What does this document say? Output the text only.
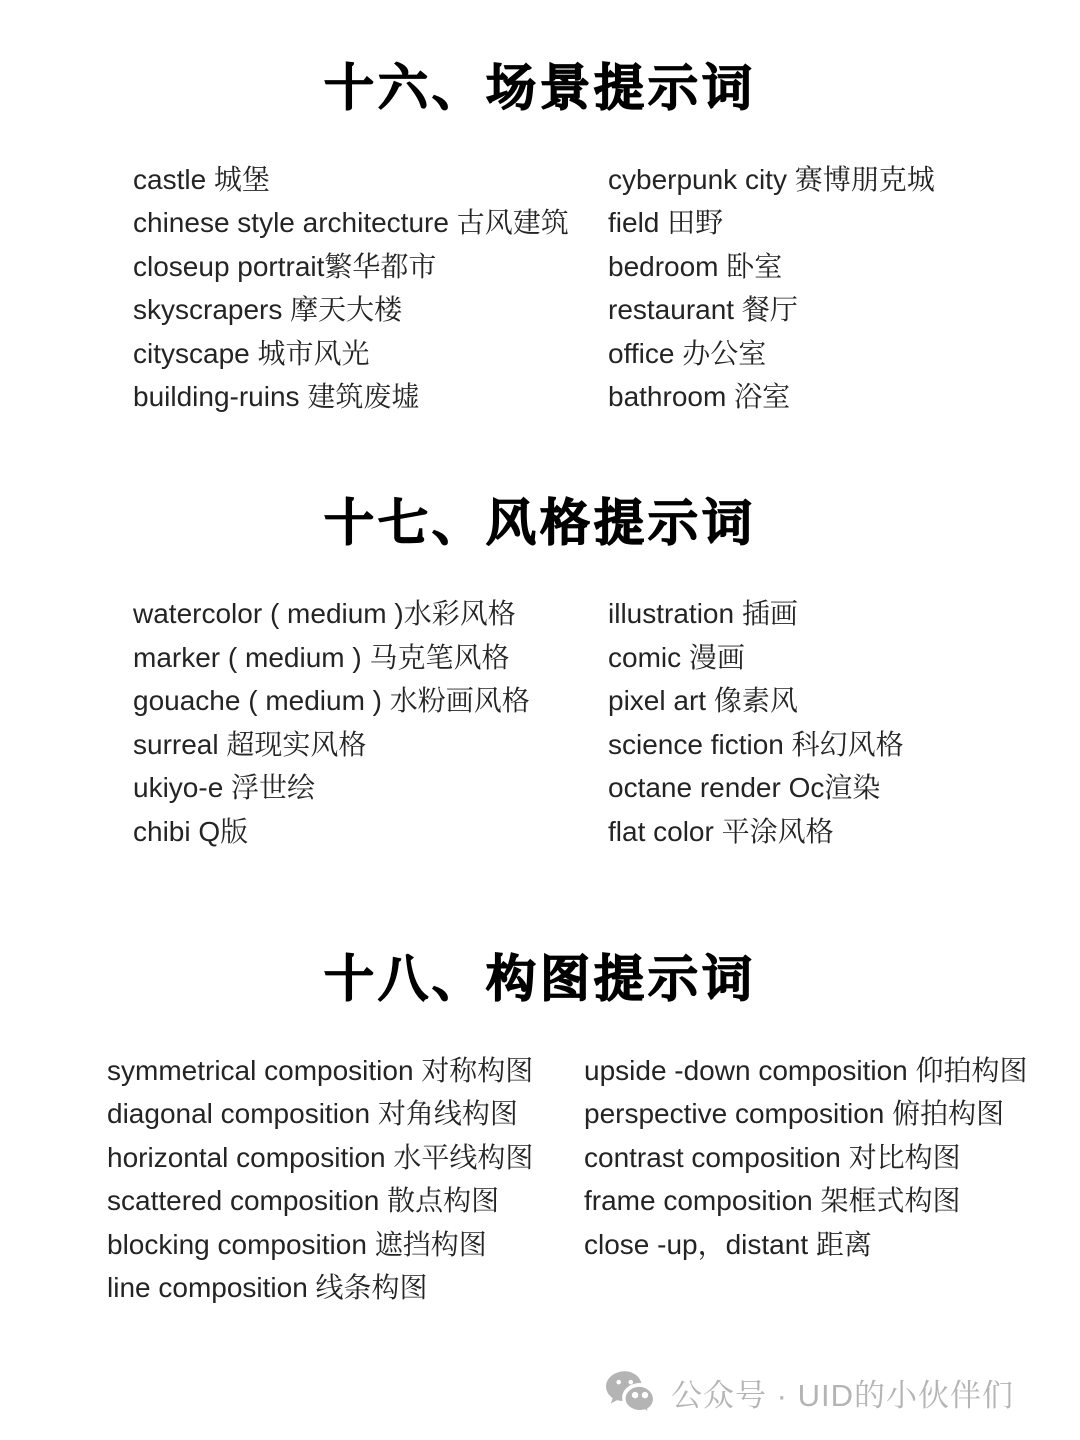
十六、场景提示词
castle 城堡
chinese style architecture 古风建筑
closeup portrait繁华都市
skyscrapers 摩天大楼
cityscape 城市风光
building-ruins 建筑废墟
cyberpunk city 赛博朋克城
field 田野
bedroom 卧室
restaurant 餐厅
office 办公室
bathroom 浴室
十七、风格提示词
watercolor ( medium )水彩风格
marker ( medium ) 马克笔风格
gouache ( medium ) 水粉画风格
surreal 超现实风格
ukiyo-e 浮世绘
chibi Q版
illustration 插画
comic 漫画
pixel art 像素风
science fiction 科幻风格
octane render Oc渲染
flat color 平涂风格
十八、构图提示词
symmetrical composition 对称构图
diagonal composition 对角线构图
horizontal composition 水平线构图
scattered composition 散点构图
blocking composition 遮挡构图
line composition 线条构图
upside -down composition 仰拍构图
perspective composition 俯拍构图
contrast composition 对比构图
frame composition 架框式构图
close -up，distant 距离
公众号 · UID的小伙伴们
